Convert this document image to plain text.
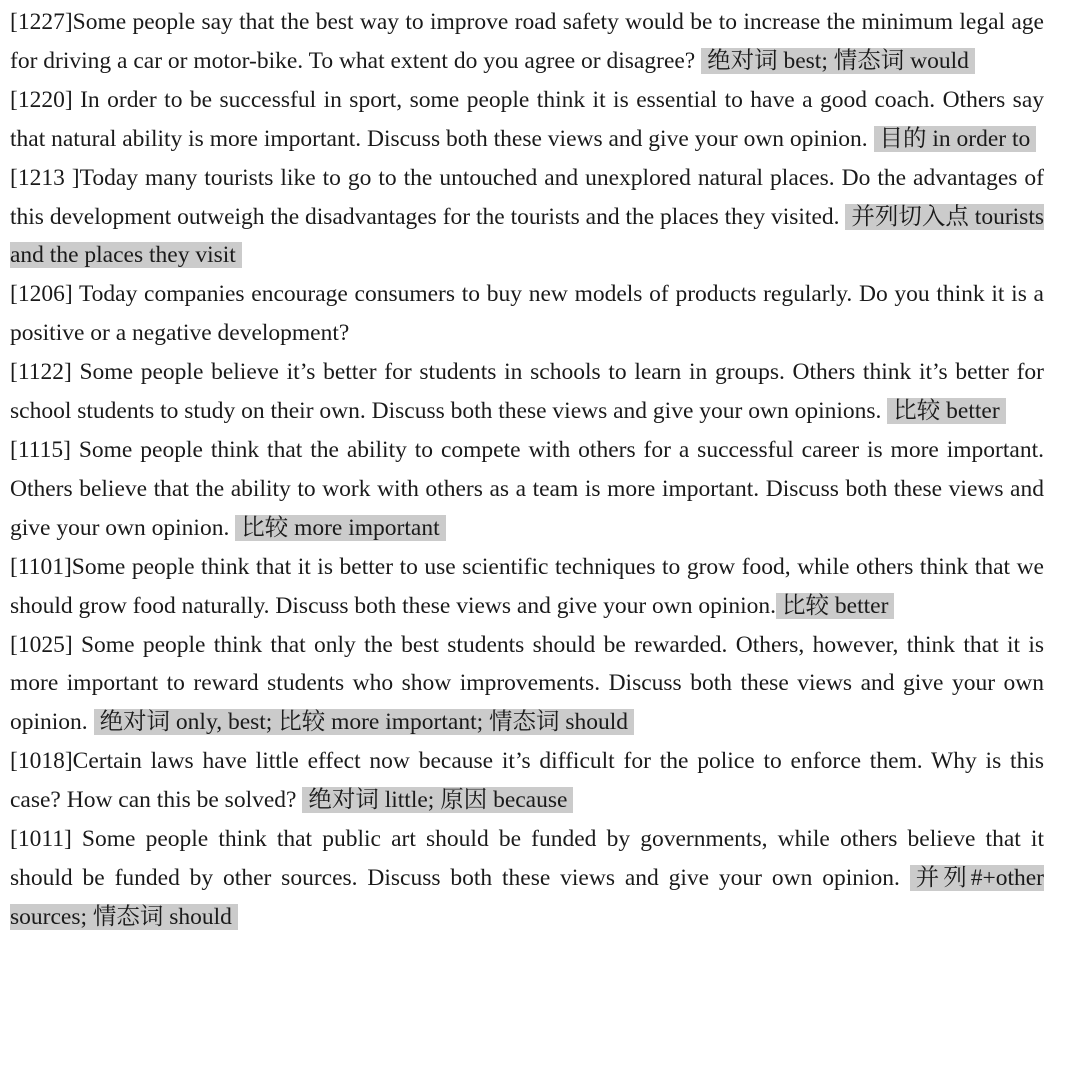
[1227]Some people say that the best way to improve road safety would be to increase the minimum legal age for driving a car or motor-bike. To what extent do you agree or disagree? 绝对词 best; 情态词 would

[1220] In order to be successful in sport, some people think it is essential to have a good coach. Others say that natural ability is more important. Discuss both these views and give your own opinion. 目的 in order to

[1213 ]Today many tourists like to go to the untouched and unexplored natural places. Do the advantages of this development outweigh the disadvantages for the tourists and the places they visited. 并列切入点 tourists and the places they visit

[1206] Today companies encourage consumers to buy new models of products regularly. Do you think it is a positive or a negative development?

[1122] Some people believe it’s better for students in schools to learn in groups. Others think it’s better for school students to study on their own. Discuss both these views and give your own opinions. 比较 better

[1115] Some people think that the ability to compete with others for a successful career is more important. Others believe that the ability to work with others as a team is more important. Discuss both these views and give your own opinion. 比较 more important

[1101]Some people think that it is better to use scientific techniques to grow food, while others think that we should grow food naturally. Discuss both these views and give your own opinion. 比较 better

[1025] Some people think that only the best students should be rewarded. Others, however, think that it is more important to reward students who show improvements. Discuss both these views and give your own opinion. 绝对词 only, best; 比较 more important; 情态词 should

[1018]Certain laws have little effect now because it’s difficult for the police to enforce them. Why is this case? How can this be solved? 绝对词 little; 原因 because

[1011] Some people think that public art should be funded by governments, while others believe that it should be funded by other sources. Discuss both these views and give your own opinion. 并列#+other sources; 情态词 should
